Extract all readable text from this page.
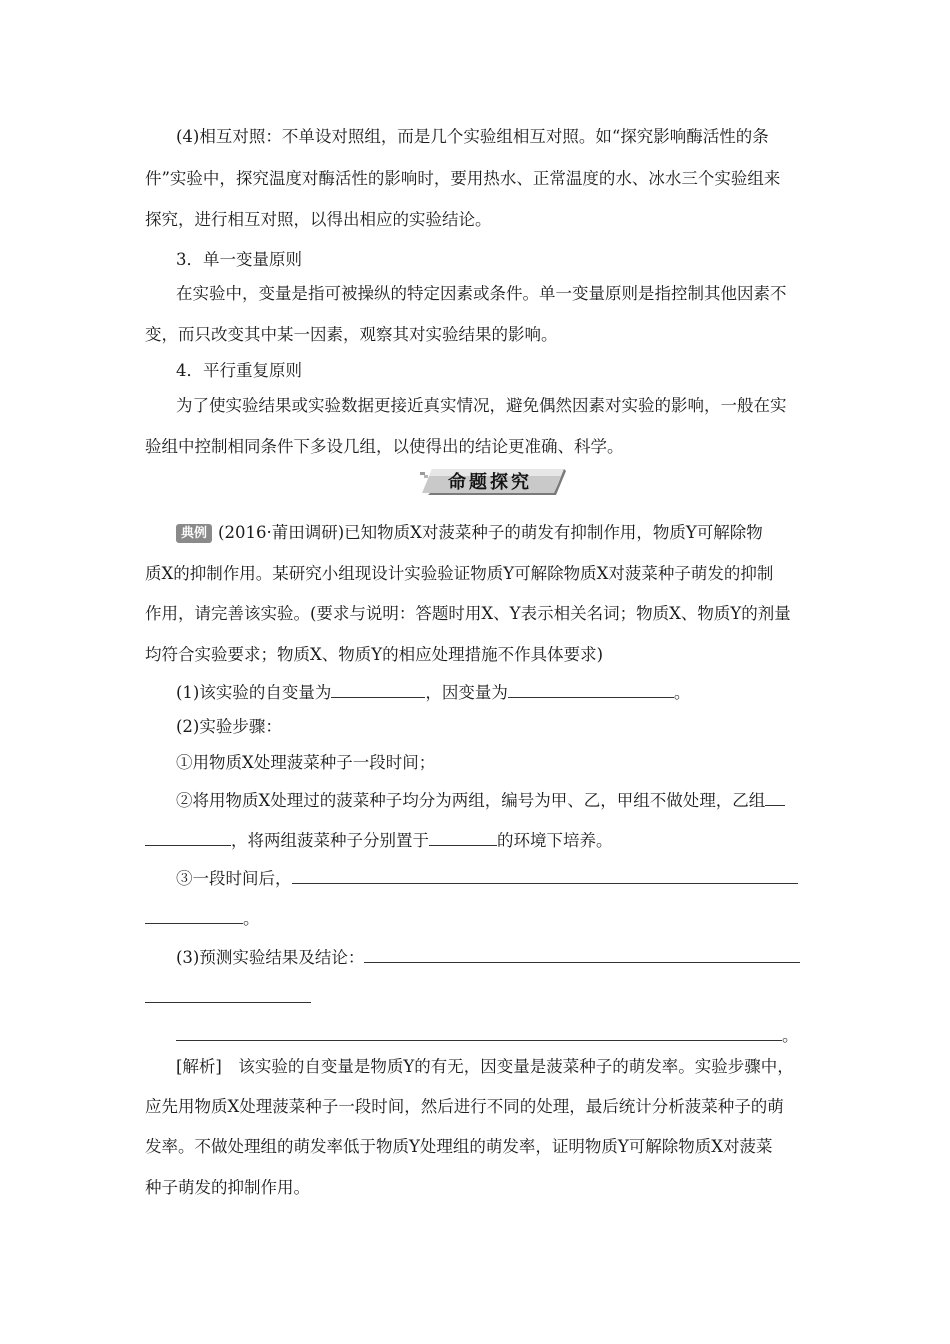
(4)相互对照：不单设对照组，而是几个实验组相互对照。如“探究影响酶活性的条
件”实验中，探究温度对酶活性的影响时，要用热水、正常温度的水、冰水三个实验组来
探究，进行相互对照，以得出相应的实验结论。
3．单一变量原则
在实验中，变量是指可被操纵的特定因素或条件。单一变量原则是指控制其他因素不
变，而只改变其中某一因素，观察其对实验结果的影响。
4．平行重复原则
为了使实验结果或实验数据更接近真实情况，避免偶然因素对实验的影响，一般在实
验组中控制相同条件下多设几组，以使得出的结论更准确、科学。
命题探究
典例 (2016·莆田调研)已知物质X对菠菜种子的萌发有抑制作用，物质Y可解除物
质X的抑制作用。某研究小组现设计实验验证物质Y可解除物质X对菠菜种子萌发的抑制
作用，请完善该实验。(要求与说明：答题时用X、Y表示相关名词；物质X、物质Y的剂量
均符合实验要求；物质X、物质Y的相应处理措施不作具体要求)
(1)该实验的自变量为	，因变量为	。
(2)实验步骤：
①用物质X处理菠菜种子一段时间；
②将用物质X处理过的菠菜种子均分为两组，编号为甲、乙，甲组不做处理，乙组
，将两组菠菜种子分别置于	的环境下培养。
③一段时间后，
。
(3)预测实验结果及结论：
。
[解析]　该实验的自变量是物质Y的有无，因变量是菠菜种子的萌发率。实验步骤中，
应先用物质X处理菠菜种子一段时间，然后进行不同的处理，最后统计分析菠菜种子的萌
发率。不做处理组的萌发率低于物质Y处理组的萌发率，证明物质Y可解除物质X对菠菜
种子萌发的抑制作用。
